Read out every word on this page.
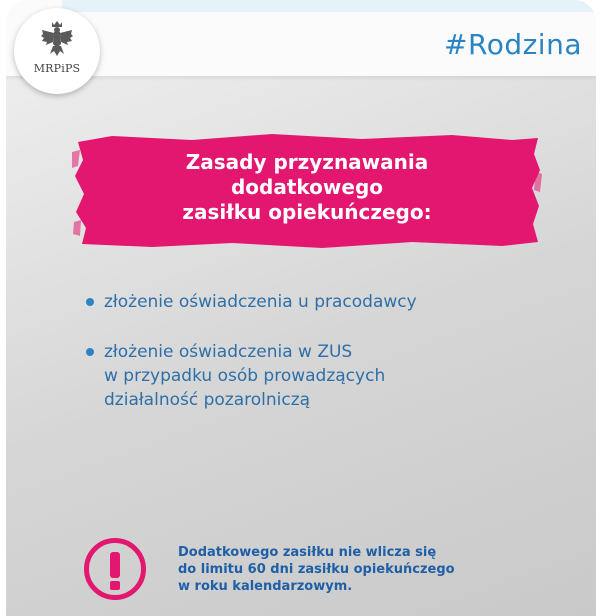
#Rodzina
MRPiPS
Zasady przyznawania
dodatkowego
zasiłku opiekuńczego:
złożenie oświadczenia u pracodawcy
złożenie oświadczenia w ZUS
w przypadku osób prowadzących
działalność pozarolniczą
Dodatkowego zasiłku nie wlicza się
do limitu 60 dni zasiłku opiekuńczego
w roku kalendarzowym.
